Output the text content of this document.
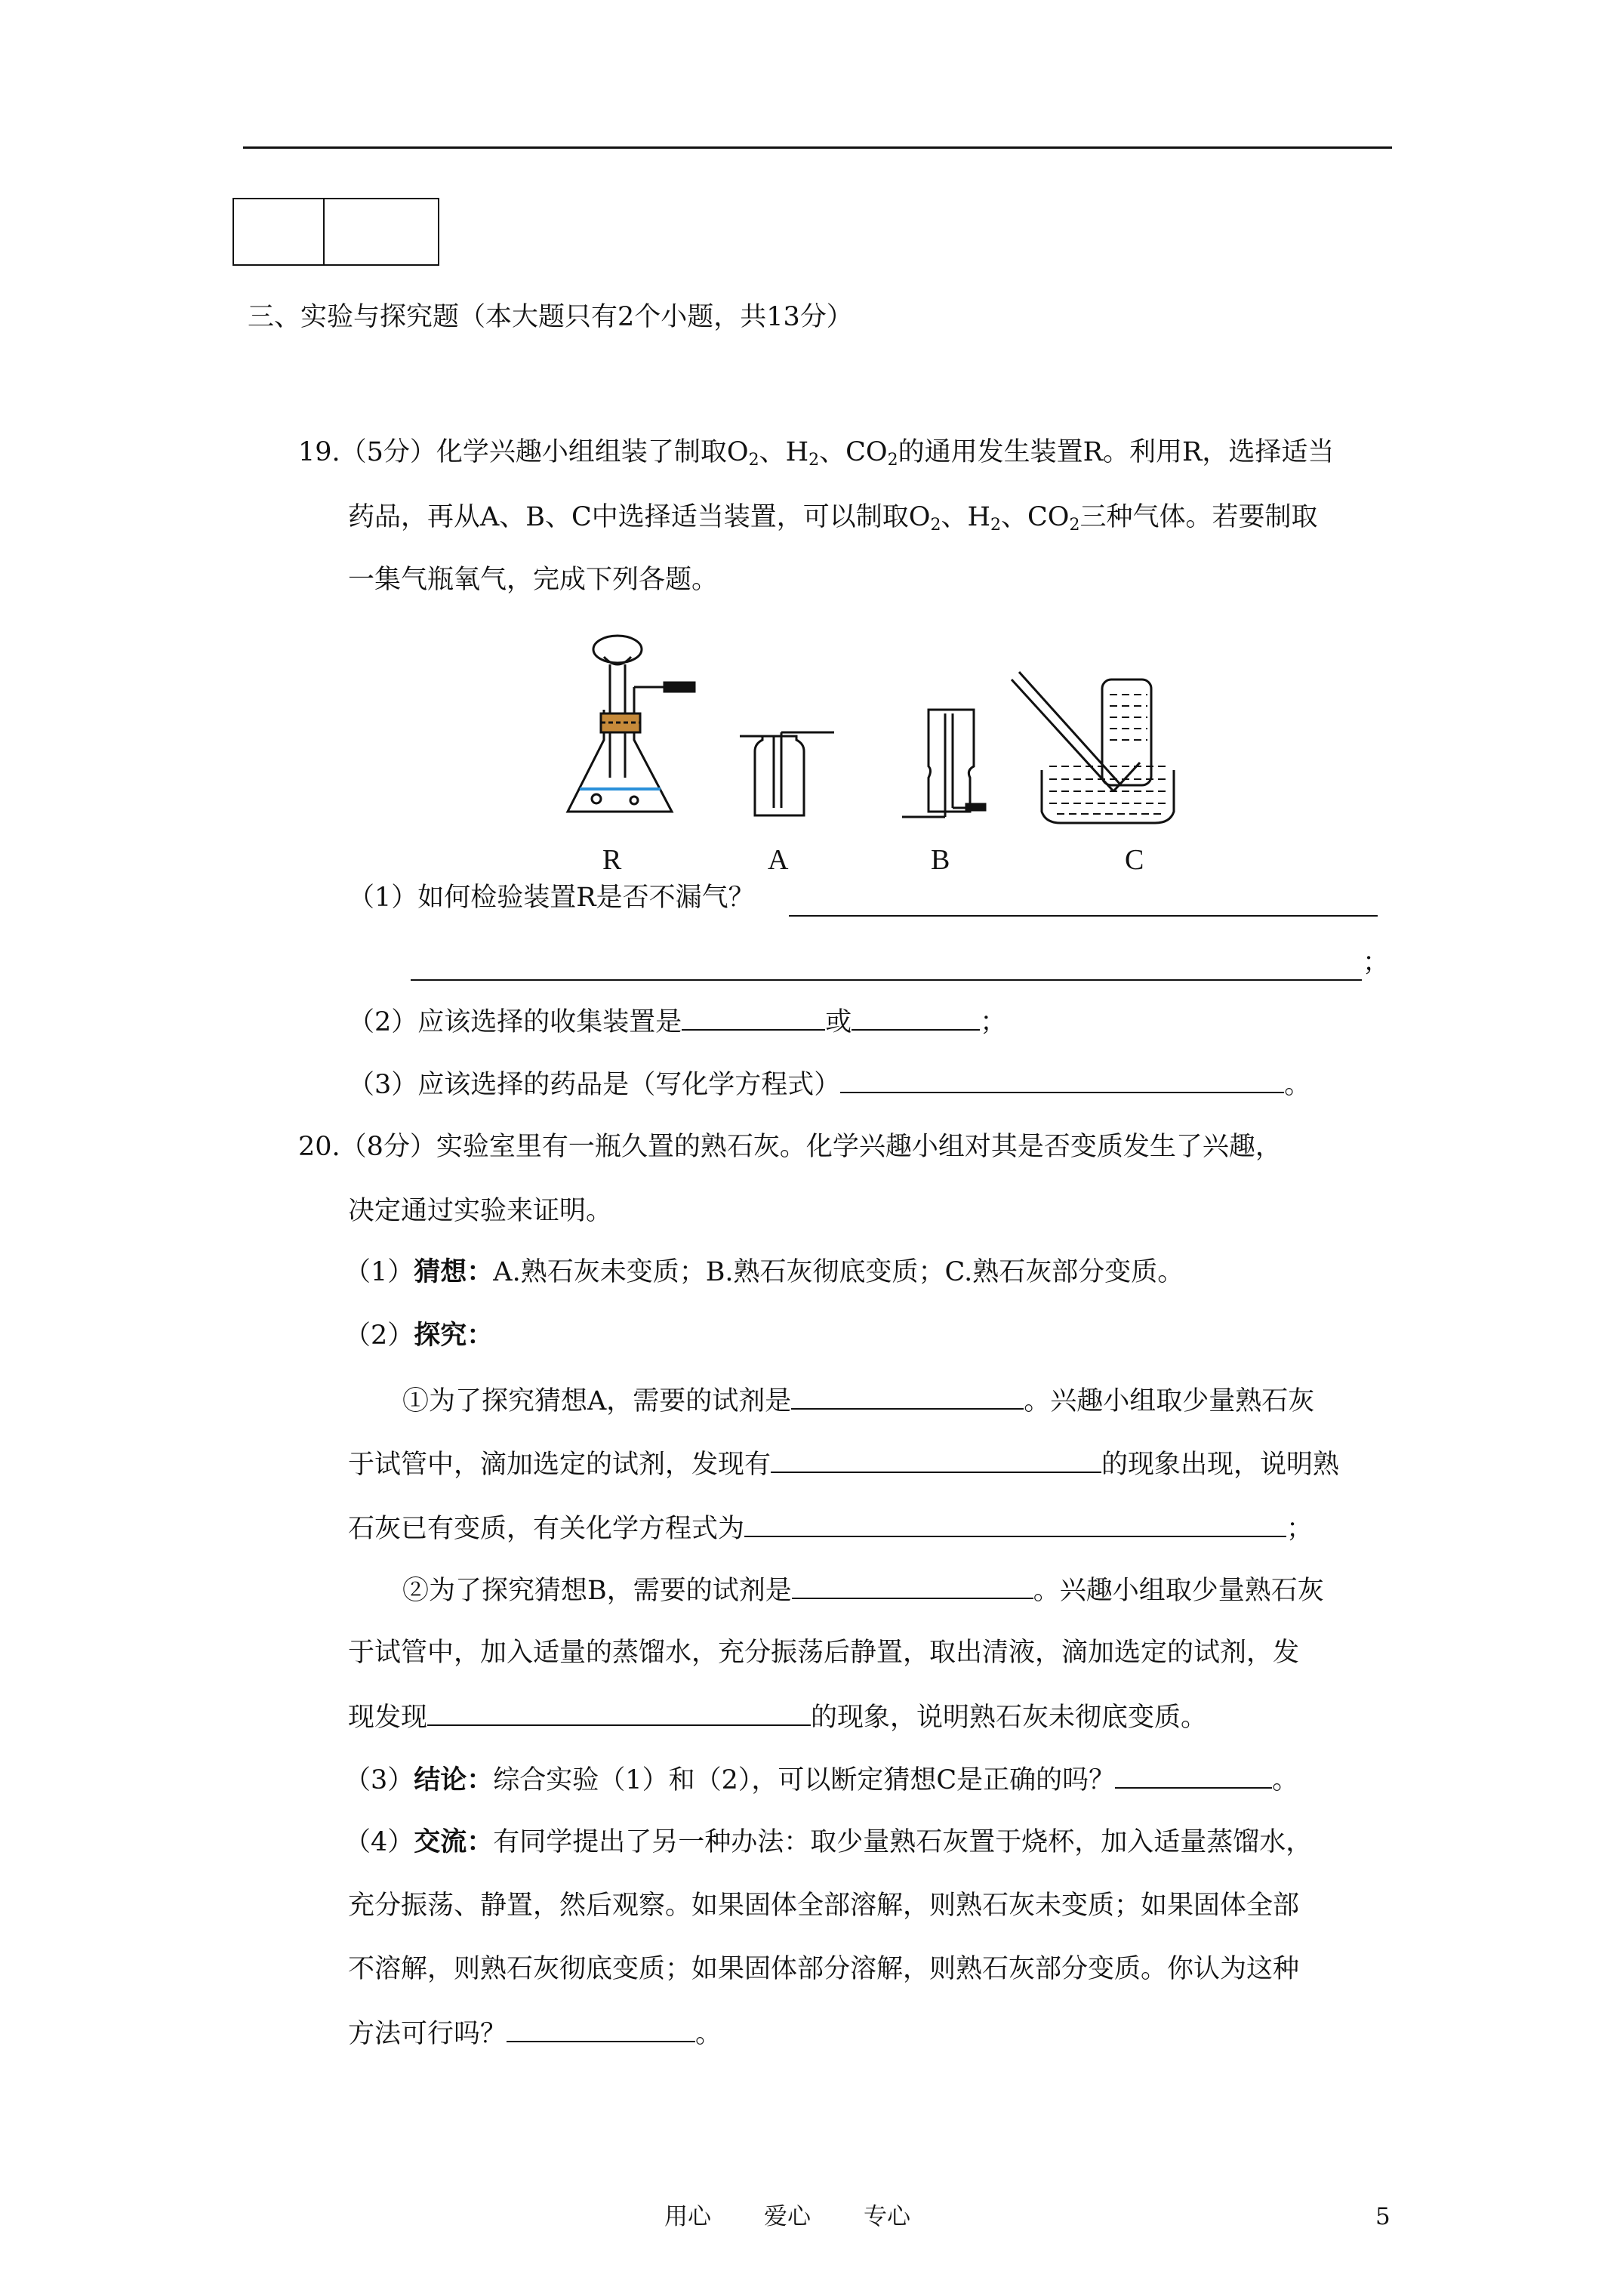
三、实验与探究题（本大题只有2个小题，共13分）
19.（5分）化学兴趣小组组装了制取$O_2$、$H_2$、$CO_2$的通用发生装置R。利用R，选择适当
药品，再从A、B、C中选择适当装置，可以制取$O_2$、$H_2$、$CO_2$三种气体。若要制取
一集气瓶氧气，完成下列各题。
R	A	B	C
（1）如何检验装置R是否不漏气？
；
（2）应该选择的收集装置是	或	；
（3）应该选择的药品是（写化学方程式）	。
20.（8分）实验室里有一瓶久置的熟石灰。化学兴趣小组对其是否变质发生了兴趣，
决定通过实验来证明。
（1）猜想：A.熟石灰未变质；B.熟石灰彻底变质；C.熟石灰部分变质。
（2）探究：
①为了探究猜想A，需要的试剂是	。兴趣小组取少量熟石灰
于试管中，滴加选定的试剂，发现有	的现象出现，说明熟
石灰已有变质，有关化学方程式为	；
②为了探究猜想B，需要的试剂是	。兴趣小组取少量熟石灰
于试管中，加入适量的蒸馏水，充分振荡后静置，取出清液，滴加选定的试剂，发
现发现	的现象，说明熟石灰未彻底变质。
（3）结论：综合实验（1）和（2），可以断定猜想C是正确的吗？	。
（4）交流：有同学提出了另一种办法：取少量熟石灰置于烧杯，加入适量蒸馏水，
充分振荡、静置，然后观察。如果固体全部溶解，则熟石灰未变质；如果固体全部
不溶解，则熟石灰彻底变质；如果固体部分溶解，则熟石灰部分变质。你认为这种
方法可行吗？	。
用心 爱心 专心	5
